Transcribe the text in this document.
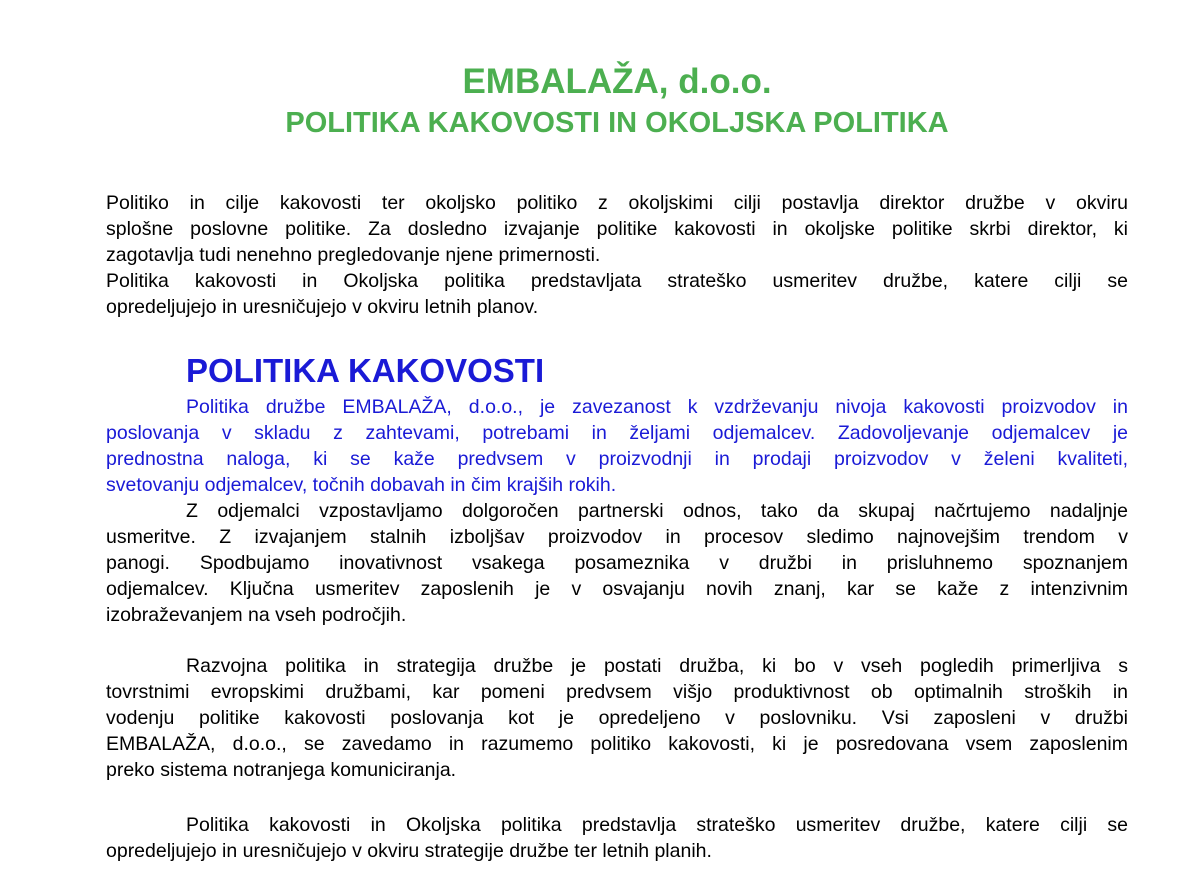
EMBALAŽA, d.o.o.
POLITIKA KAKOVOSTI IN OKOLJSKA POLITIKA
Politiko in cilje kakovosti ter okoljsko politiko z okoljskimi cilji postavlja direktor družbe v okviru
splošne poslovne politike. Za dosledno izvajanje politike kakovosti in okoljske politike skrbi direktor, ki
zagotavlja tudi nenehno pregledovanje njene primernosti.
Politika kakovosti in Okoljska politika predstavljata strateško usmeritev družbe, katere cilji se
opredeljujejo in uresničujejo v okviru letnih planov.
POLITIKA KAKOVOSTI
Politika družbe EMBALAŽA, d.o.o., je zavezanost k vzdrževanju nivoja kakovosti proizvodov in
poslovanja v skladu z zahtevami, potrebami in željami odjemalcev. Zadovoljevanje odjemalcev je
prednostna naloga, ki se kaže predvsem v proizvodnji in prodaji proizvodov v želeni kvaliteti,
svetovanju odjemalcev, točnih dobavah in čim krajših rokih.
Z odjemalci vzpostavljamo dolgoročen partnerski odnos, tako da skupaj načrtujemo nadaljnje
usmeritve. Z izvajanjem stalnih izboljšav proizvodov in procesov sledimo najnovejšim trendom v
panogi. Spodbujamo inovativnost vsakega posameznika v družbi in prisluhnemo spoznanjem
odjemalcev. Ključna usmeritev zaposlenih je v osvajanju novih znanj, kar se kaže z intenzivnim
izobraževanjem na vseh področjih.
Razvojna politika in strategija družbe je postati družba, ki bo v vseh pogledih primerljiva s
tovrstnimi evropskimi družbami, kar pomeni predvsem višjo produktivnost ob optimalnih stroških in
vodenju politike kakovosti poslovanja kot je opredeljeno v poslovniku. Vsi zaposleni v družbi
EMBALAŽA, d.o.o., se zavedamo in razumemo politiko kakovosti, ki je posredovana vsem zaposlenim
preko sistema notranjega komuniciranja.
Politika kakovosti in Okoljska politika predstavlja strateško usmeritev družbe, katere cilji se
opredeljujejo in uresničujejo v okviru strategije družbe ter letnih planih.
